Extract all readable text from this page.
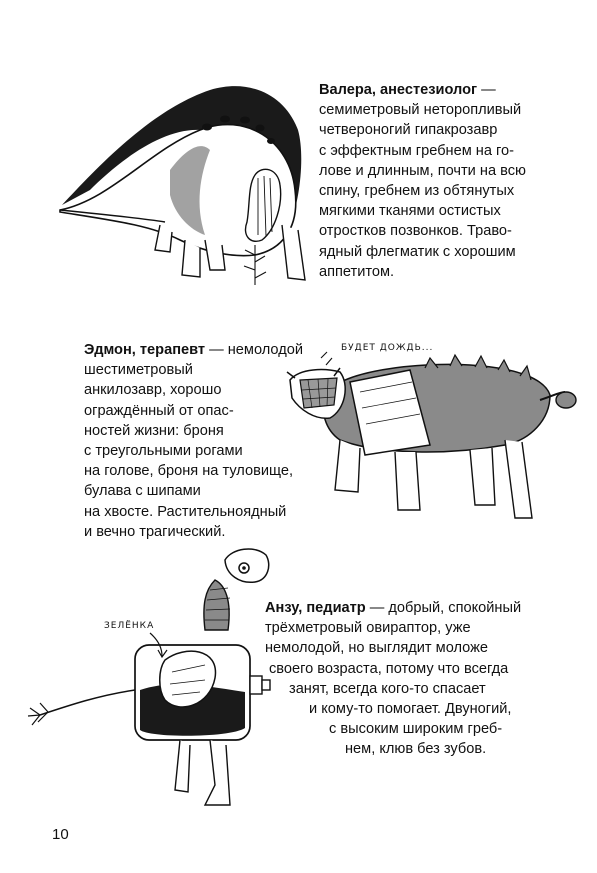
Валера, анестезиолог —
семиметровый неторопливый
четвероногий гипакрозавр
с эффектным гребнем на го-
лове и длинным, почти на всю
спину, гребнем из обтянутых
мягкими тканями остистых
отростков позвонков. Траво-
ядный флегматик с хорошим
аппетитом.
БУДЕТ ДОЖДЬ...
Эдмон, терапевт — немолодой
шестиметровый
анкилозавр, хорошо
ограждённый от опас-
ностей жизни: броня
с треугольными рогами
на голове, броня на туловище,
булава с шипами
на хвосте. Растительноядный
и вечно трагический.
ЗЕЛЁНКА
Анзу, педиатр — добрый, спокойный
трёхметровый овираптор, уже
немолодой, но выглядит моложе
своего возраста, потому что всегда
занят, всегда кого-то спасает
и кому-то помогает. Двуногий,
с высоким широким греб-
нем, клюв без зубов.
10
